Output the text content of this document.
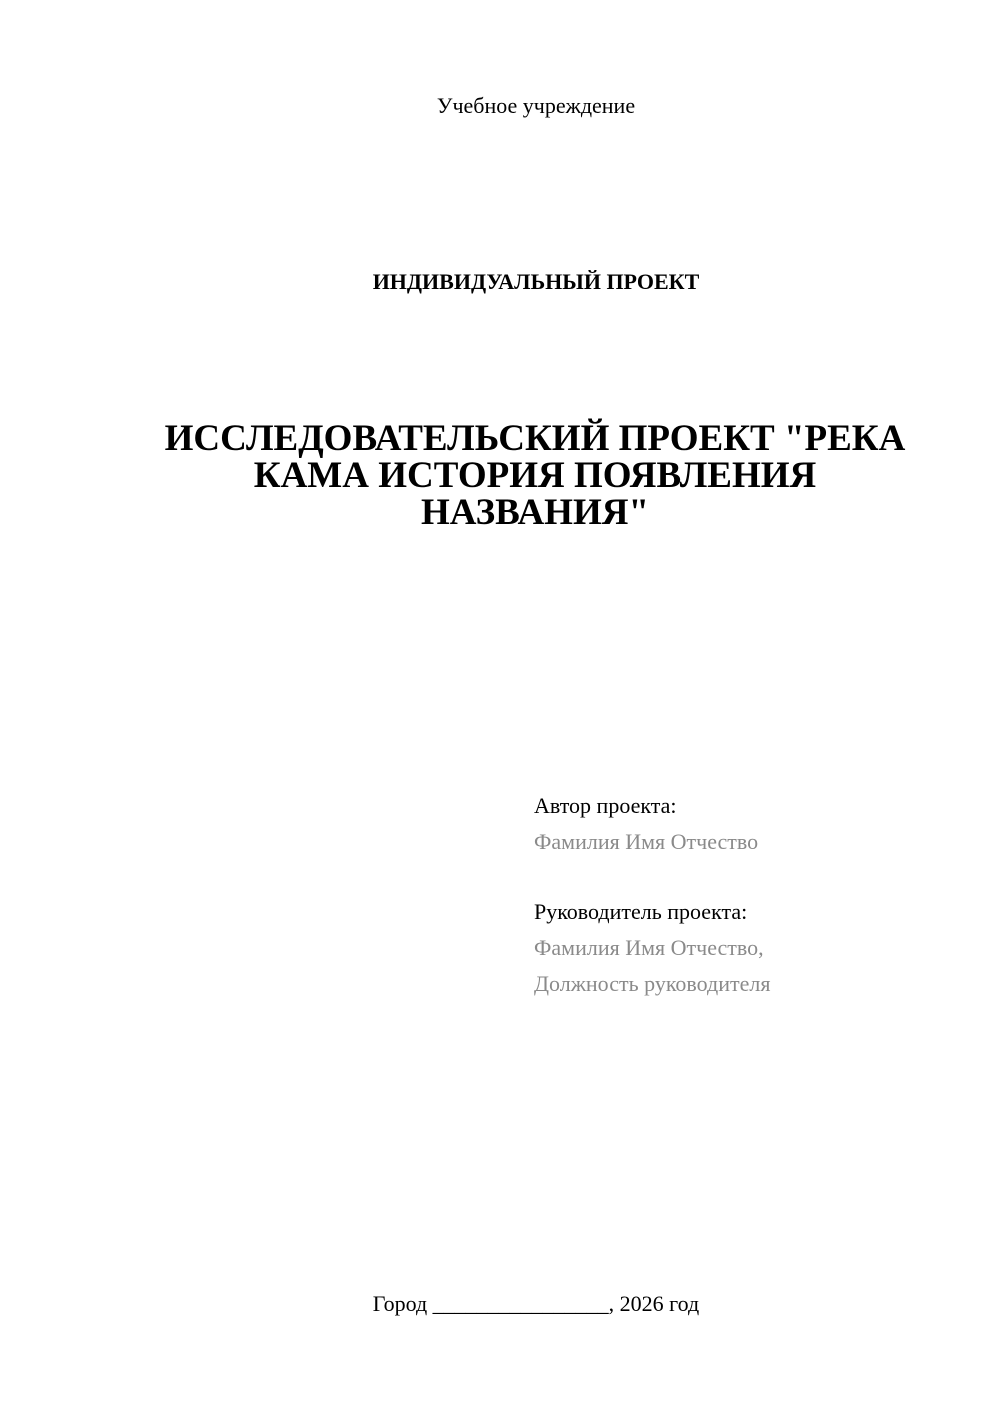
Учебное учреждение
ИНДИВИДУАЛЬНЫЙ ПРОЕКТ
ИССЛЕДОВАТЕЛЬСКИЙ ПРОЕКТ "РЕКА
КАМА ИСТОРИЯ ПОЯВЛЕНИЯ
НАЗВАНИЯ"
Автор проекта:
Фамилия Имя Отчество
Руководитель проекта:
Фамилия Имя Отчество,
Должность руководителя
Город ________________, 2026 год
